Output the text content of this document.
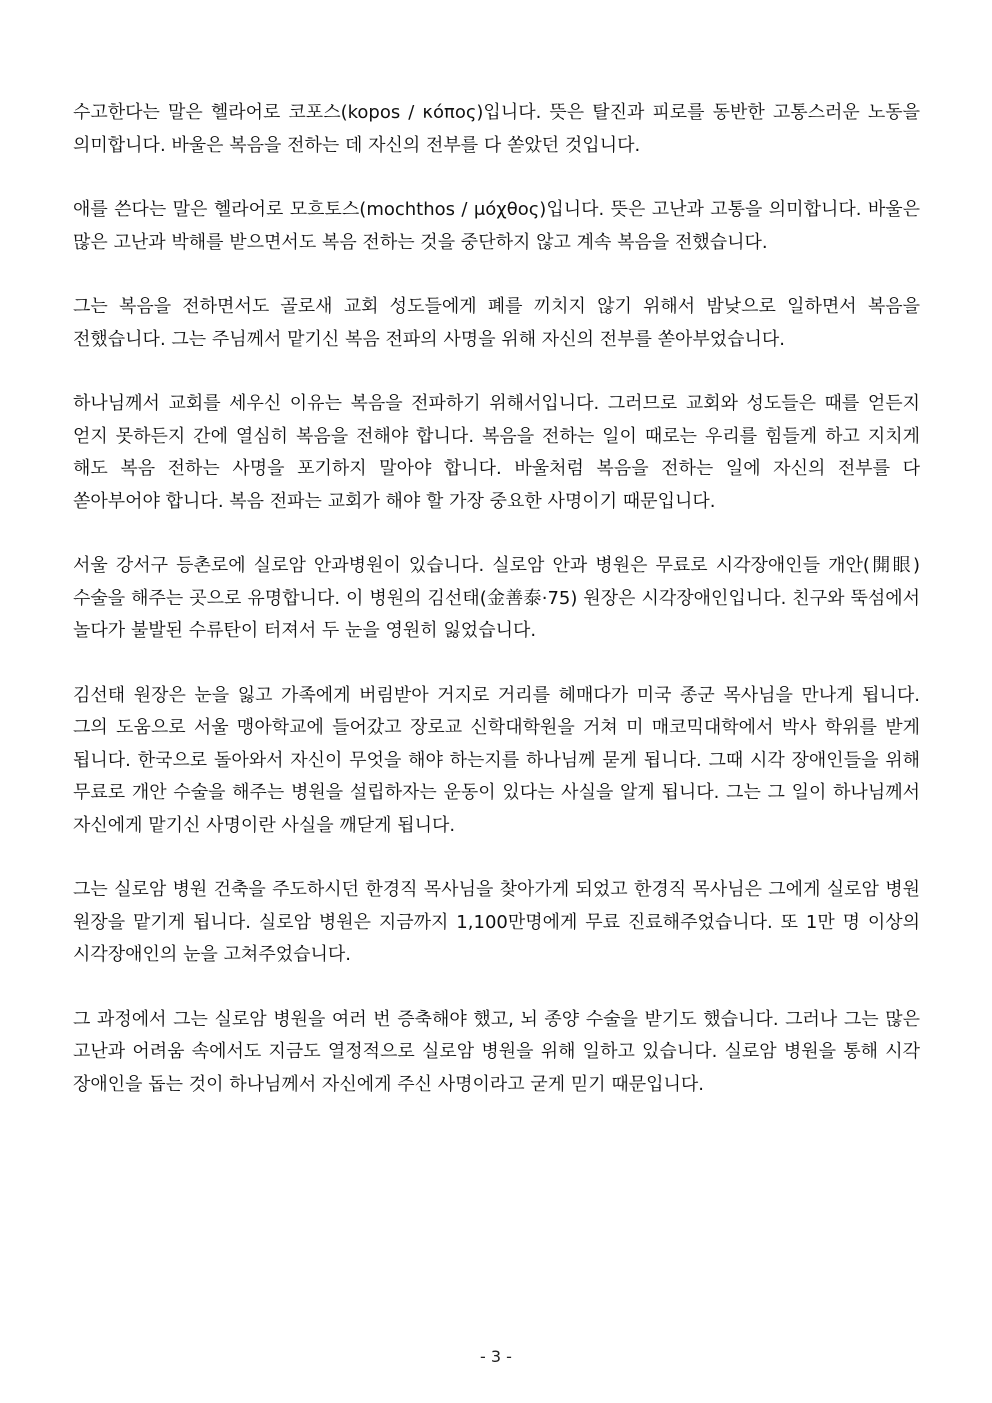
수고한다는 말은 헬라어로 코포스(kopos / κόπος)입니다. 뜻은 탈진과 피로를 동반한 고통스러운 노동을 의미합니다. 바울은 복음을 전하는 데 자신의 전부를 다 쏟았던 것입니다.

애를 쓴다는 말은 헬라어로 모흐토스(mochthos / μόχθος)입니다. 뜻은 고난과 고통을 의미합니다. 바울은 많은 고난과 박해를 받으면서도 복음 전하는 것을 중단하지 않고 계속 복음을 전했습니다.

그는 복음을 전하면서도 골로새 교회 성도들에게 폐를 끼치지 않기 위해서 밤낮으로 일하면서 복음을 전했습니다. 그는 주님께서 맡기신 복음 전파의 사명을 위해 자신의 전부를 쏟아부었습니다.

하나님께서 교회를 세우신 이유는 복음을 전파하기 위해서입니다. 그러므로 교회와 성도들은 때를 얻든지 얻지 못하든지 간에 열심히 복음을 전해야 합니다. 복음을 전하는 일이 때로는 우리를 힘들게 하고 지치게 해도 복음 전하는 사명을 포기하지 말아야 합니다. 바울처럼 복음을 전하는 일에 자신의 전부를 다 쏟아부어야 합니다. 복음 전파는 교회가 해야 할 가장 중요한 사명이기 때문입니다.

서울 강서구 등촌로에 실로암 안과병원이 있습니다. 실로암 안과 병원은 무료로 시각장애인들 개안(開眼) 수술을 해주는 곳으로 유명합니다. 이 병원의 김선태(金善泰·75) 원장은 시각장애인입니다. 친구와 뚝섬에서 놀다가 불발된 수류탄이 터져서 두 눈을 영원히 잃었습니다.

김선태 원장은 눈을 잃고 가족에게 버림받아 거지로 거리를 헤매다가 미국 종군 목사님을 만나게 됩니다. 그의 도움으로 서울 맹아학교에 들어갔고 장로교 신학대학원을 거쳐 미 매코믹대학에서 박사 학위를 받게 됩니다. 한국으로 돌아와서 자신이 무엇을 해야 하는지를 하나님께 묻게 됩니다. 그때 시각 장애인들을 위해 무료로 개안 수술을 해주는 병원을 설립하자는 운동이 있다는 사실을 알게 됩니다. 그는 그 일이 하나님께서 자신에게 맡기신 사명이란 사실을 깨닫게 됩니다.

그는 실로암 병원 건축을 주도하시던 한경직 목사님을 찾아가게 되었고 한경직 목사님은 그에게 실로암 병원 원장을 맡기게 됩니다. 실로암 병원은 지금까지 1,100만명에게 무료 진료해주었습니다. 또 1만 명 이상의 시각장애인의 눈을 고쳐주었습니다.

그 과정에서 그는 실로암 병원을 여러 번 증축해야 했고, 뇌 종양 수술을 받기도 했습니다. 그러나 그는 많은 고난과 어려움 속에서도 지금도 열정적으로 실로암 병원을 위해 일하고 있습니다. 실로암 병원을 통해 시각 장애인을 돕는 것이 하나님께서 자신에게 주신 사명이라고 굳게 믿기 때문입니다.

- 3 -
